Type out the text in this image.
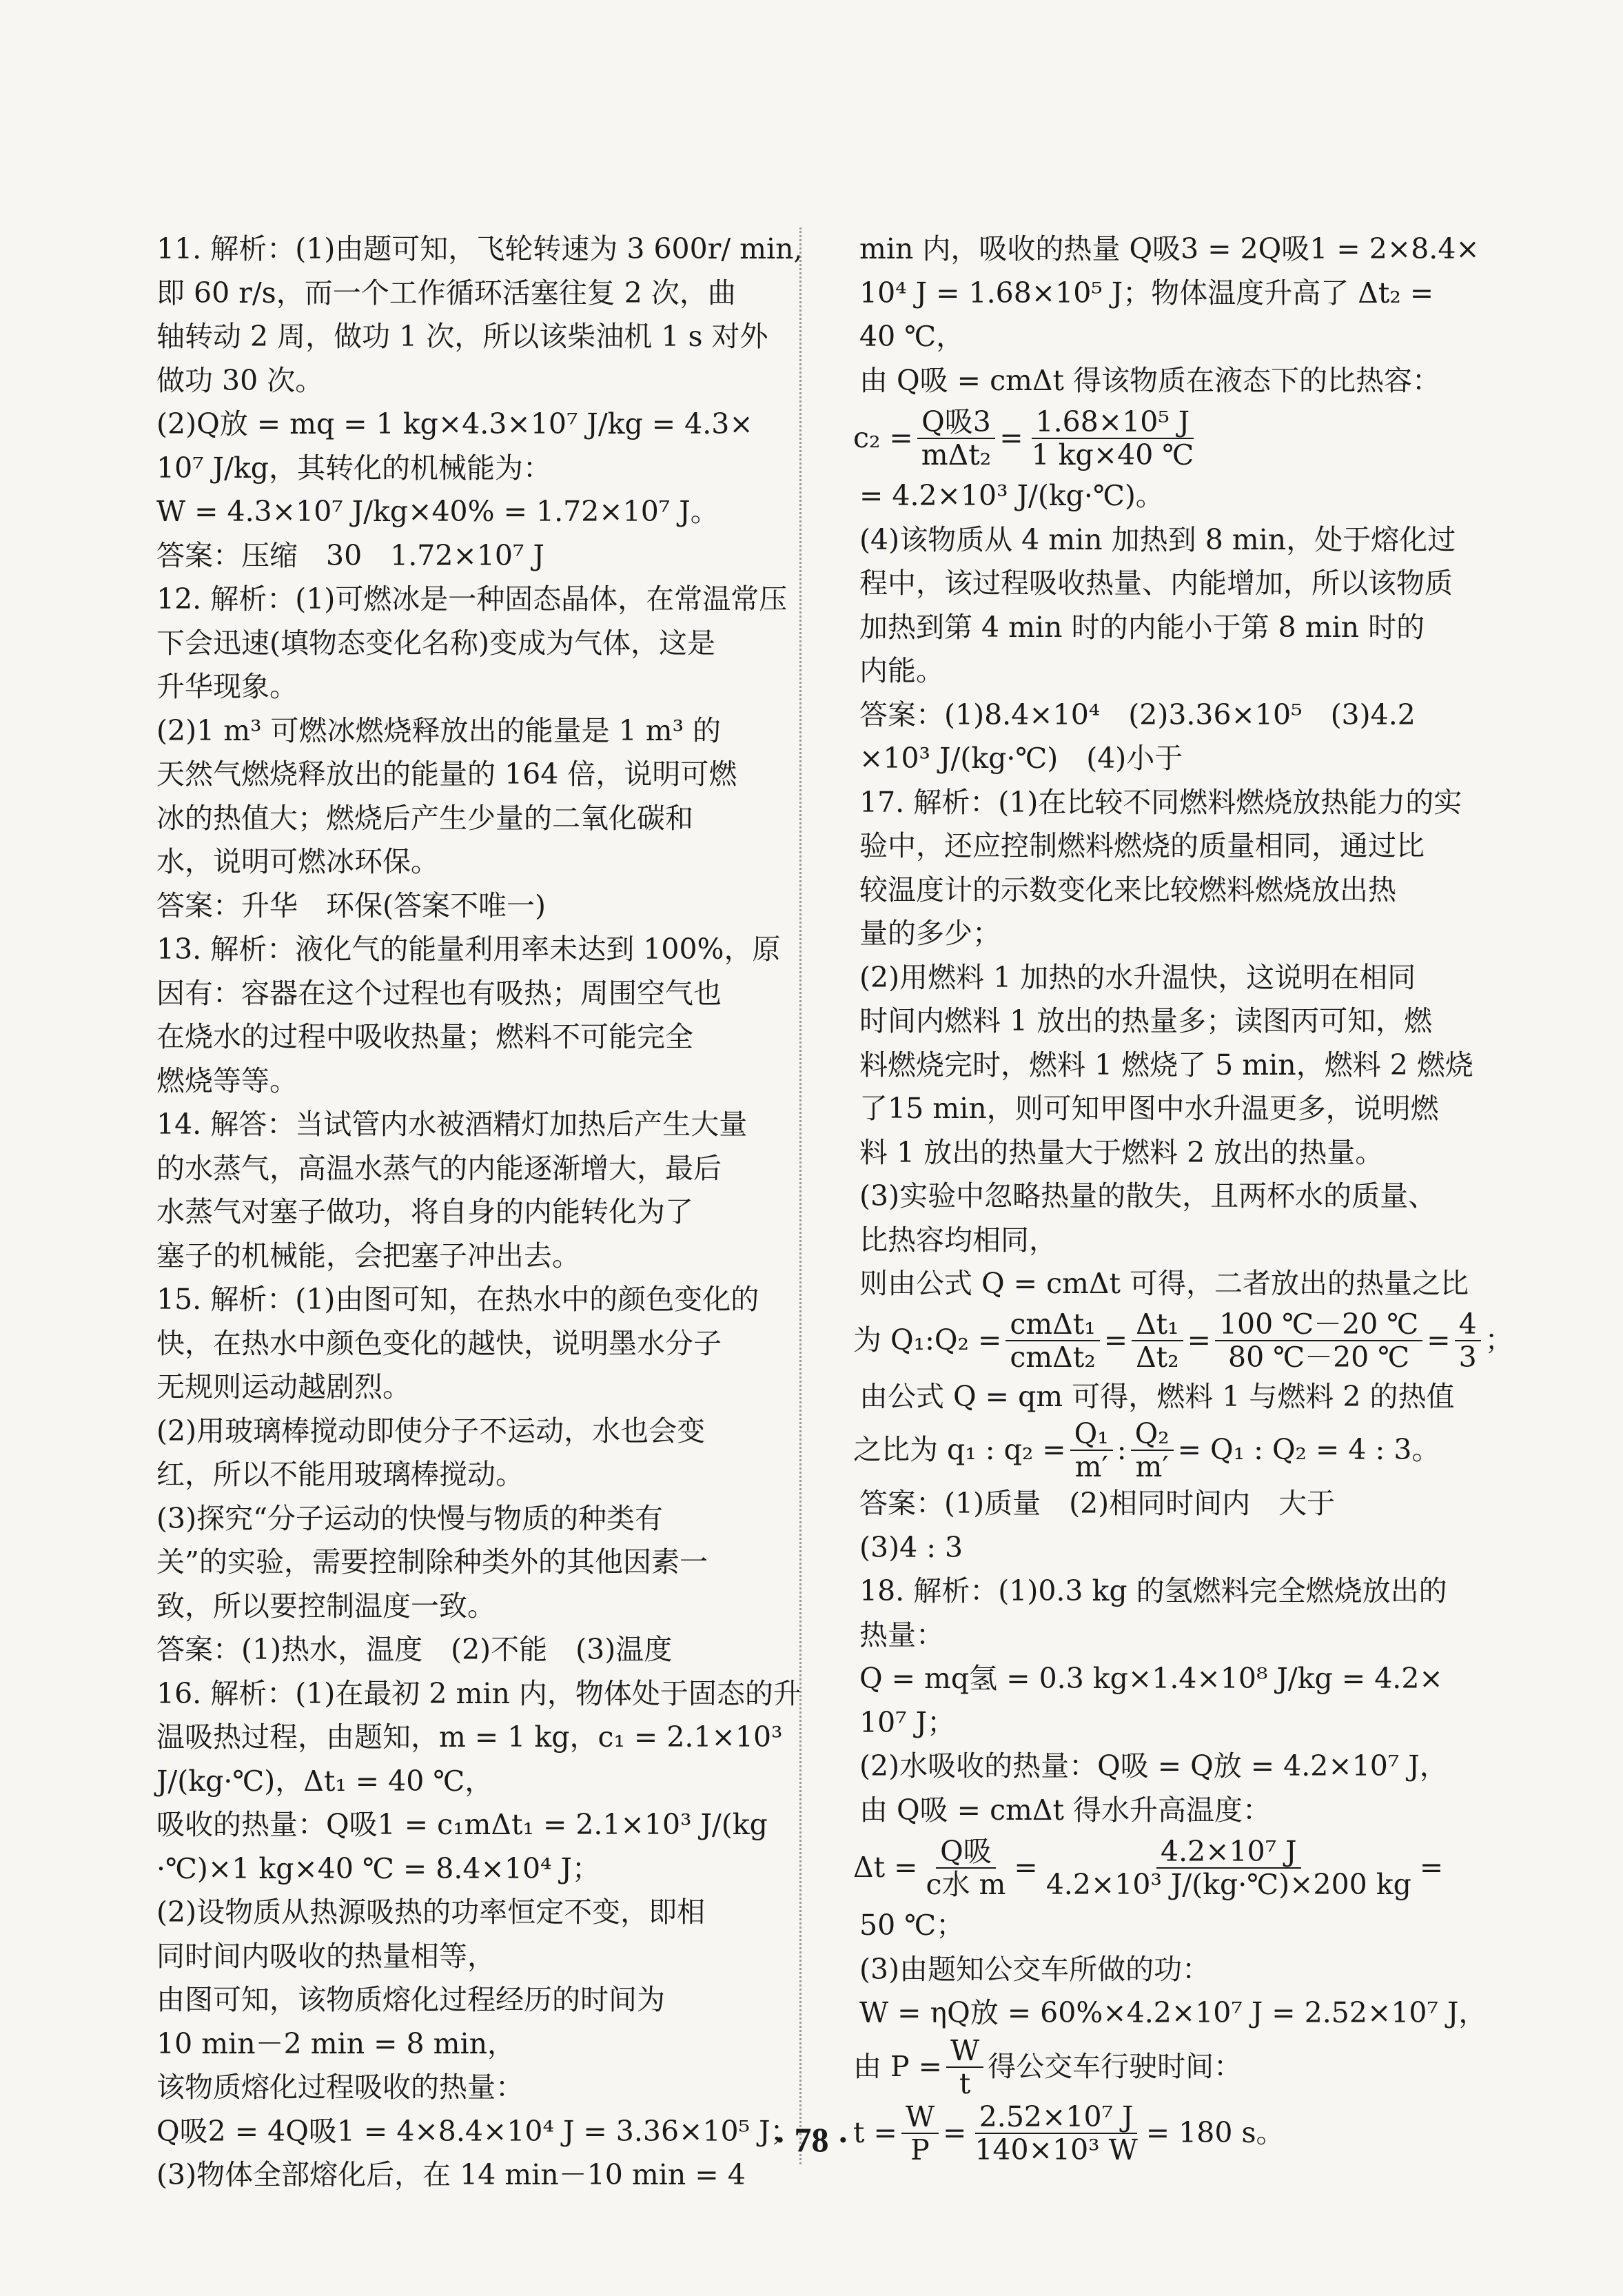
11. 解析：(1)由题可知，飞轮转速为 3 600r/ min,
即 60 r/s，而一个工作循环活塞往复 2 次，曲
轴转动 2 周，做功 1 次，所以该柴油机 1 s 对外
做功 30 次。
(2)Q放 = mq = 1 kg×4.3×10⁷ J/kg = 4.3×
10⁷ J/kg，其转化的机械能为：
W = 4.3×10⁷ J/kg×40% = 1.72×10⁷ J。
答案：压缩　30　1.72×10⁷ J
12. 解析：(1)可燃冰是一种固态晶体，在常温常压
下会迅速(填物态变化名称)变成为气体，这是
升华现象。
(2)1 m³ 可燃冰燃烧释放出的能量是 1 m³ 的
天然气燃烧释放出的能量的 164 倍，说明可燃
冰的热值大；燃烧后产生少量的二氧化碳和
水，说明可燃冰环保。
答案：升华　环保(答案不唯一)
13. 解析：液化气的能量利用率未达到 100%，原
因有：容器在这个过程也有吸热；周围空气也
在烧水的过程中吸收热量；燃料不可能完全
燃烧等等。
14. 解答：当试管内水被酒精灯加热后产生大量
的水蒸气，高温水蒸气的内能逐渐增大，最后
水蒸气对塞子做功，将自身的内能转化为了
塞子的机械能，会把塞子冲出去。
15. 解析：(1)由图可知，在热水中的颜色变化的
快，在热水中颜色变化的越快，说明墨水分子
无规则运动越剧烈。
(2)用玻璃棒搅动即使分子不运动，水也会变
红，所以不能用玻璃棒搅动。
(3)探究“分子运动的快慢与物质的种类有
关”的实验，需要控制除种类外的其他因素一
致，所以要控制温度一致。
答案：(1)热水，温度　(2)不能　(3)温度
16. 解析：(1)在最初 2 min 内，物体处于固态的升
温吸热过程，由题知，m = 1 kg，c₁ = 2.1×10³
J/(kg·℃)，Δt₁ = 40 ℃，
吸收的热量：Q吸1 = c₁mΔt₁ = 2.1×10³ J/(kg
·℃)×1 kg×40 ℃ = 8.4×10⁴ J；
(2)设物质从热源吸热的功率恒定不变，即相
同时间内吸收的热量相等，
由图可知，该物质熔化过程经历的时间为
10 min－2 min = 8 min，
该物质熔化过程吸收的热量：
Q吸2 = 4Q吸1 = 4×8.4×10⁴ J = 3.36×10⁵ J；
(3)物体全部熔化后，在 14 min－10 min = 4
min 内，吸收的热量 Q吸3 = 2Q吸1 = 2×8.4×
10⁴ J = 1.68×10⁵ J；物体温度升高了 Δt₂ =
40 ℃，
由 Q吸 = cmΔt 得该物质在液态下的比热容：
$c_2 = \frac{\text{Q吸3}}{\text{mΔt₂}} = \frac{\text{1.68×10⁵ J}}{1 kg\times 40 ℃}$
= 4.2×10³ J/(kg·℃)。
(4)该物质从 4 min 加热到 8 min，处于熔化过
程中，该过程吸收热量、内能增加，所以该物质
加热到第 4 min 时的内能小于第 8 min 时的
内能。
答案：(1)8.4×10⁴　(2)3.36×10⁵　(3)4.2
×10³ J/(kg·℃)　(4)小于
17. 解析：(1)在比较不同燃料燃烧放热能力的实
验中，还应控制燃料燃烧的质量相同，通过比
较温度计的示数变化来比较燃料燃烧放出热
量的多少；
(2)用燃料 1 加热的水升温快，这说明在相同
时间内燃料 1 放出的热量多；读图丙可知，燃
料燃烧完时，燃料 1 燃烧了 5 min，燃料 2 燃烧
了15 min，则可知甲图中水升温更多，说明燃
料 1 放出的热量大于燃料 2 放出的热量。
(3)实验中忽略热量的散失，且两杯水的质量、
比热容均相同，
则由公式 Q = cmΔt 可得，二者放出的热量之比
为 Q₁:Q₂ = $\frac{\text{cmΔt₁}}{\text{cmΔt₂}} = \frac{\text{Δt₁}}{\text{Δt₂}} = \frac{100 ℃-20 ℃}{80 ℃-20 ℃} = \frac{4}{3}$ ；
由公式 Q = qm 可得，燃料 1 与燃料 2 的热值
之比为 q₁ : $q_2 = \frac{\text{Q₁}}{m'}$ : $\frac{\text{Q₂}}{m'} = Q_1$ : Q₂ = 4 : 3。
答案：(1)质量　(2)相同时间内　大于
(3)4 : 3
18. 解析：(1)0.3 kg 的氢燃料完全燃烧放出的
热量：
Q = mq氢 = 0.3 kg×1.4×10⁸ J/kg = 4.2×
10⁷ J；
(2)水吸收的热量：Q吸 = Q放 = 4.2×10⁷ J，
由 Q吸 = cmΔt 得水升高温度：
$\Delta t = \frac{\text{Q吸}}{\text{c水 m}} = \frac{\text{4.2×10⁷ J}}{\text{4.2×10³ J/(kg·℃)×200 kg}}$ =
50 ℃；
(3)由题知公交车所做的功：
W = ηQ放 = 60%×4.2×10⁷ J = 2.52×10⁷ J，
由 $P = \frac{W}{t}$ 得公交车行驶时间：
$t = \frac{W}{P} = \frac{\text{2.52×10⁷ J}}{\text{140×10³ W}} = 180$ s。
· 78 ·
